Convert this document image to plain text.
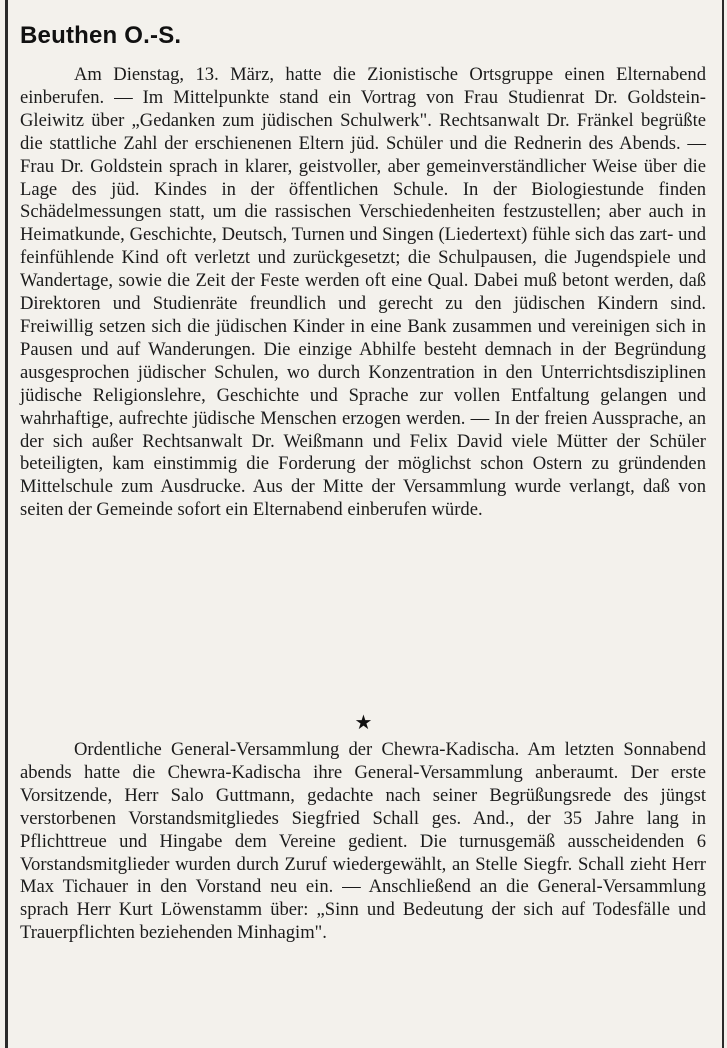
Beuthen O.-S.

Am Dienstag, 13. März, hatte die Zionistische Ortsgruppe einen Elternabend einberufen. — Im Mittelpunkte stand ein Vortrag von Frau Studienrat Dr. Goldstein-Gleiwitz über „Gedanken zum jüdischen Schulwerk". Rechtsanwalt Dr. Fränkel begrüßte die stattliche Zahl der erschienenen Eltern jüd. Schüler und die Rednerin des Abends. — Frau Dr. Goldstein sprach in klarer, geistvoller, aber gemeinverständlicher Weise über die Lage des jüd. Kindes in der öffentlichen Schule. In der Biologiestunde finden Schädelmessungen statt, um die rassischen Verschiedenheiten festzustellen; aber auch in Heimatkunde, Geschichte, Deutsch, Turnen und Singen (Liedertext) fühle sich das zart- und feinfühlende Kind oft verletzt und zurückgesetzt; die Schulpausen, die Jugendspiele und Wandertage, sowie die Zeit der Feste werden oft eine Qual. Dabei muß betont werden, daß Direktoren und Studienräte freundlich und gerecht zu den jüdischen Kindern sind. Freiwillig setzen sich die jüdischen Kinder in eine Bank zusammen und vereinigen sich in Pausen und auf Wanderungen. Die einzige Abhilfe besteht demnach in der Begründung ausgesprochen jüdischer Schulen, wo durch Konzentration in den Unterrichtsdisziplinen jüdische Religionslehre, Geschichte und Sprache zur vollen Entfaltung gelangen und wahrhaftige, aufrechte jüdische Menschen erzogen werden. — In der freien Aussprache, an der sich außer Rechtsanwalt Dr. Weißmann und Felix David viele Mütter der Schüler beteiligten, kam einstimmig die Forderung der möglichst schon Ostern zu gründenden Mittelschule zum Ausdrucke. Aus der Mitte der Versammlung wurde verlangt, daß von seiten der Gemeinde sofort ein Elternabend einberufen würde.

★

Ordentliche General-Versammlung der Chewra-Kadischa. Am letzten Sonnabend abends hatte die Chewra-Kadischa ihre General-Versammlung anberaumt. Der erste Vorsitzende, Herr Salo Guttmann, gedachte nach seiner Begrüßungsrede des jüngst verstorbenen Vorstandsmitgliedes Siegfried Schall ges. And., der 35 Jahre lang in Pflichttreue und Hingabe dem Vereine gedient. Die turnusgemäß ausscheidenden 6 Vorstandsmitglieder wurden durch Zuruf wiedergewählt, an Stelle Siegfr. Schall zieht Herr Max Tichauer in den Vorstand neu ein. — Anschließend an die General-Versammlung sprach Herr Kurt Löwenstamm über: „Sinn und Bedeutung der sich auf Todesfälle und Trauerpflichten beziehenden Minhagim".
